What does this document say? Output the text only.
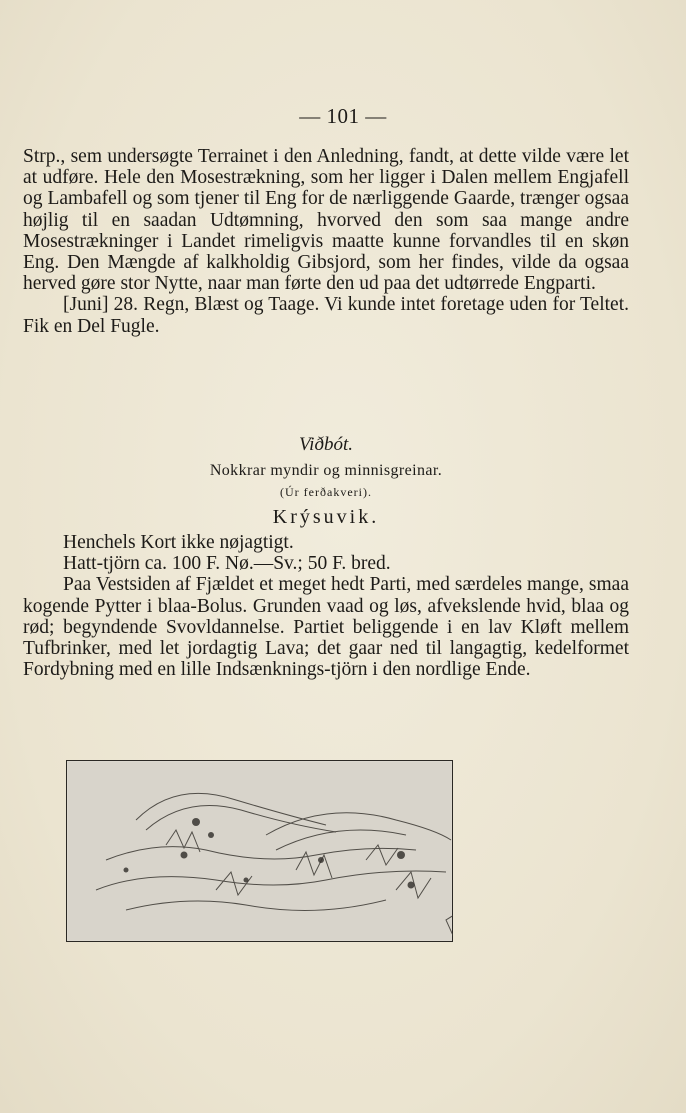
— 101 —

Strp., sem undersøgte Terrainet i den Anledning, fandt, at dette vilde være let at udføre. Hele den Mosestrækning, som her ligger i Dalen mellem Engjafell og Lambafell og som tjener til Eng for de nærliggende Gaarde, trænger ogsaa højlig til en saadan Udtømning, hvorved den som saa mange andre Mosestrækninger i Landet rimeligvis maatte kunne forvandles til en skøn Eng. Den Mængde af kalkholdig Gibsjord, som her findes, vilde da ogsaa herved gøre stor Nytte, naar man førte den ud paa det udtørrede Engparti.

[Juni] 28. Regn, Blæst og Taage. Vi kunde intet foretage uden for Teltet. Fik en Del Fugle.

Viðbót.
Nokkrar myndir og minnisgreinar.
(Úr ferðakveri).
Krýsuvik.

Henchels Kort ikke nøjagtigt.

Hatt-tjörn ca. 100 F. Nø.—Sv.; 50 F. bred.

Paa Vestsiden af Fjældet et meget hedt Parti, med særdeles mange, smaa kogende Pytter i blaa-Bolus. Grunden vaad og løs, afvekslende hvid, blaa og rød; begyndende Svovldannelse. Partiet beliggende i en lav Kløft mellem Tufbrinker, med let jordagtig Lava; det gaar ned til langagtig, kedelformet Fordybning med en lille Indsænknings-tjörn i den nordlige Ende.
